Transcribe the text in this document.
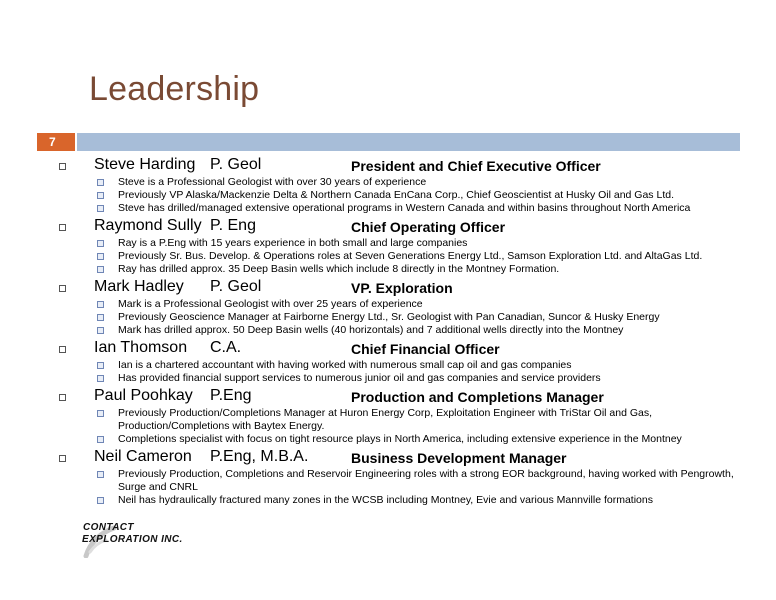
Leadership
7
Steve Harding P. Geol	President and Chief Executive Officer
Steve is a Professional Geologist with over 30 years of experience
Previously VP Alaska/Mackenzie Delta & Northern Canada EnCana Corp., Chief Geoscientist at Husky Oil and Gas Ltd.
Steve has drilled/managed extensive operational programs in Western Canada and within basins throughout North America
Raymond Sully P. Eng	Chief Operating Officer
Ray is a P.Eng with 15 years experience in both small and large companies
Previously Sr. Bus. Develop. & Operations roles at Seven Generations Energy Ltd., Samson Exploration Ltd. and AltaGas Ltd.
Ray has drilled approx. 35 Deep Basin wells which include 8 directly in the Montney Formation.
Mark Hadley P. Geol	VP. Exploration
Mark is a Professional Geologist with over 25 years of experience
Previously Geoscience Manager at Fairborne Energy Ltd., Sr. Geologist with Pan Canadian, Suncor & Husky Energy
Mark has drilled approx. 50 Deep Basin wells (40 horizontals) and 7 additional wells directly into the Montney
Ian Thomson C.A.	Chief Financial Officer
Ian is a chartered accountant with having worked with numerous small cap oil and gas companies
Has provided financial support services to numerous junior oil and gas companies and service providers
Paul Poohkay P.Eng	Production and Completions Manager
Previously Production/Completions Manager at Huron Energy Corp, Exploitation Engineer with TriStar Oil and Gas, Production/Completions with Baytex Energy.
Completions specialist with focus on tight resource plays in North America, including extensive experience in the Montney
Neil Cameron P.Eng, M.B.A.	Business Development Manager
Previously Production, Completions and Reservoir Engineering roles with a strong EOR background, having worked with Pengrowth, Surge and CNRL
Neil has hydraulically fractured many zones in the WCSB including Montney, Evie and various Mannville formations
CONTACT
EXPLORATION INC.
